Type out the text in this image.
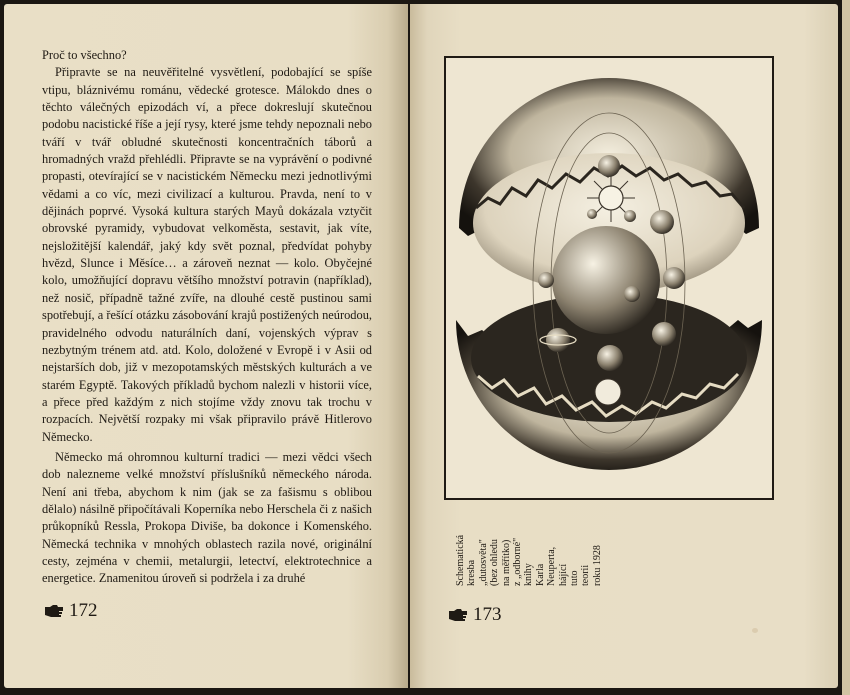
Proč to všechno?

Připravte se na neuvěřitelné vysvětlení, podobající se spíše vtipu, bláznivému románu, vědecké grotesce. Málokdo dnes o těchto válečných epizodách ví, a přece dokreslují skutečnou podobu nacistické říše a její rysy, které jsme tehdy nepoznali nebo tváří v tvář obludné skutečnosti koncentračních táborů a hromadných vražd přehlédli. Připravte se na vyprávění o podivné propasti, otevírající se v nacistickém Německu mezi jednotlivými vědami a co víc, mezi civilizací a kulturou. Pravda, není to v dějinách poprvé. Vysoká kultura starých Mayů dokázala vztyčit obrovské pyramidy, vybudovat velkoměsta, sestavit, jak víte, nejsložitější kalendář, jaký kdy svět poznal, předvídat pohyby hvězd, Slunce i Měsíce… a zároveň neznat — kolo. Obyčejné kolo, umožňující dopravu většího množství potravin (například), než nosič, případně tažné zvíře, na dlouhé cestě pustinou sami spotřebují, a řešící otázku zásobování krajů postižených neúrodou, pravidelného odvodu naturálních daní, vojenských výprav s nezbytným trénem atd. atd. Kolo, doložené v Evropě i v Asii od nejstarších dob, již v mezopotamských městských kulturách a ve starém Egyptě. Takových příkladů bychom nalezli v historii více, a přece před každým z nich stojíme vždy znovu tak trochu v rozpacích. Největší rozpaky mi však připravilo právě Hitlerovo Německo.

Německo má ohromnou kulturní tradici — mezi vědci všech dob nalezneme velké množství příslušníků německého národa. Není ani třeba, abychom k nim (jak se za fašismu s oblibou dělalo) násilně připočítávali Koperníka nebo Herschela či z našich průkopníků Ressla, Prokopa Diviše, ba dokonce i Komenského. Německá technika v mnohých oblastech razila nové, originální cesty, zejména v chemii, metalurgii, letectví, elektrotechnice a energetice. Znamenitou úroveň si podržela i za druhé

172
Schematická kresba „dutosvěta" (bez ohledu na měřítko) z „odborné" knihy Karla Neuperta, hájící tuto teorii roku 1928
173
